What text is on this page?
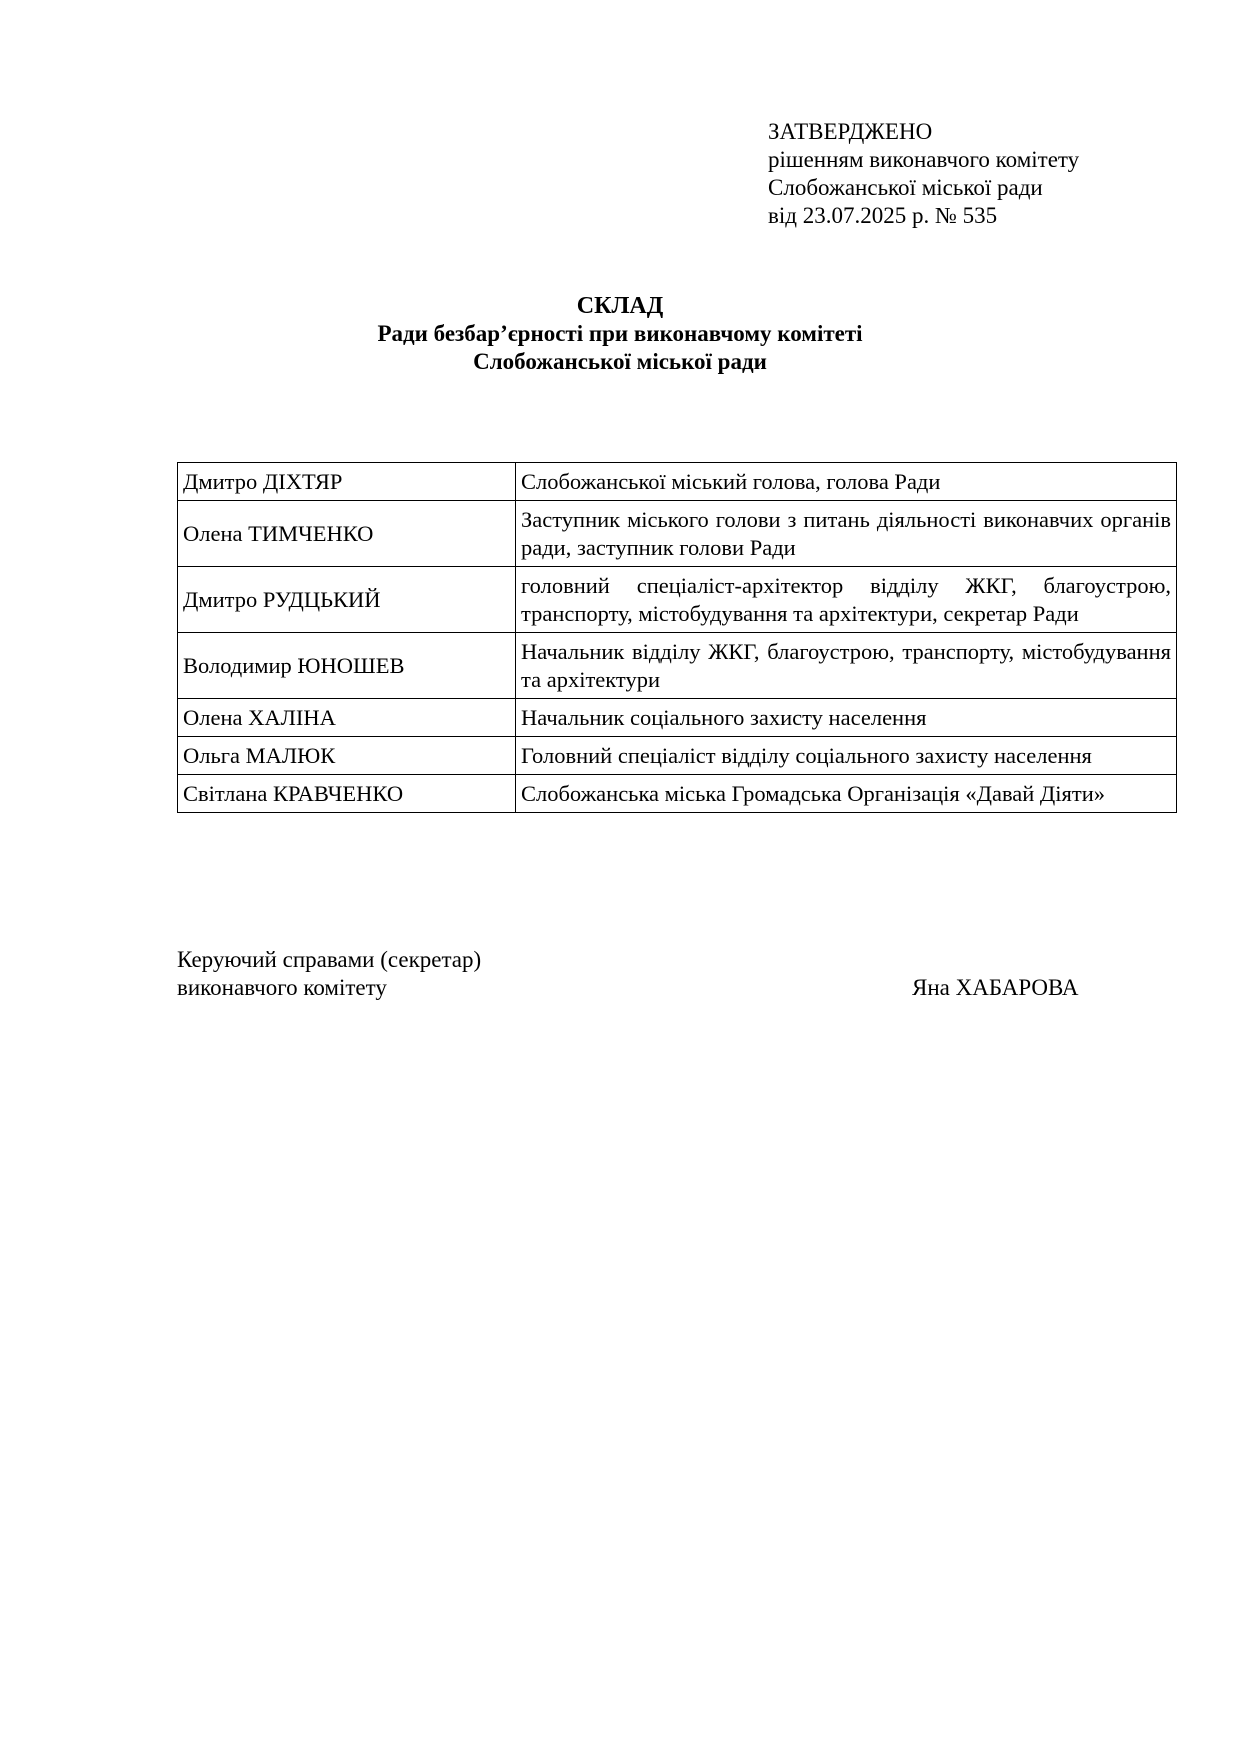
ЗАТВЕРДЖЕНО
рішенням виконавчого комітету
Слобожанської міської ради
від 23.07.2025 р. № 535
СКЛАД
Ради безбар’єрності при виконавчому комітеті
Слобожанської міської ради
Дмитро ДІХТЯР	Слобожанської міський голова, голова Ради
Олена ТИМЧЕНКО	Заступник міського голови з питань діяльності виконавчих органів ради, заступник голови Ради
Дмитро РУДЦЬКИЙ	головний спеціаліст-архітектор відділу ЖКГ, благоустрою, транспорту, містобудування та архітектури, секретар Ради
Володимир ЮНОШЕВ	Начальник відділу ЖКГ, благоустрою, транспорту, містобудування та архітектури
Олена ХАЛІНА	Начальник соціального захисту населення
Ольга МАЛЮК	Головний спеціаліст відділу соціального захисту населення
Світлана КРАВЧЕНКО	Слобожанська міська Громадська Організація «Давай Діяти»
Керуючий справами (секретар)
виконавчого комітету	Яна ХАБАРОВА
